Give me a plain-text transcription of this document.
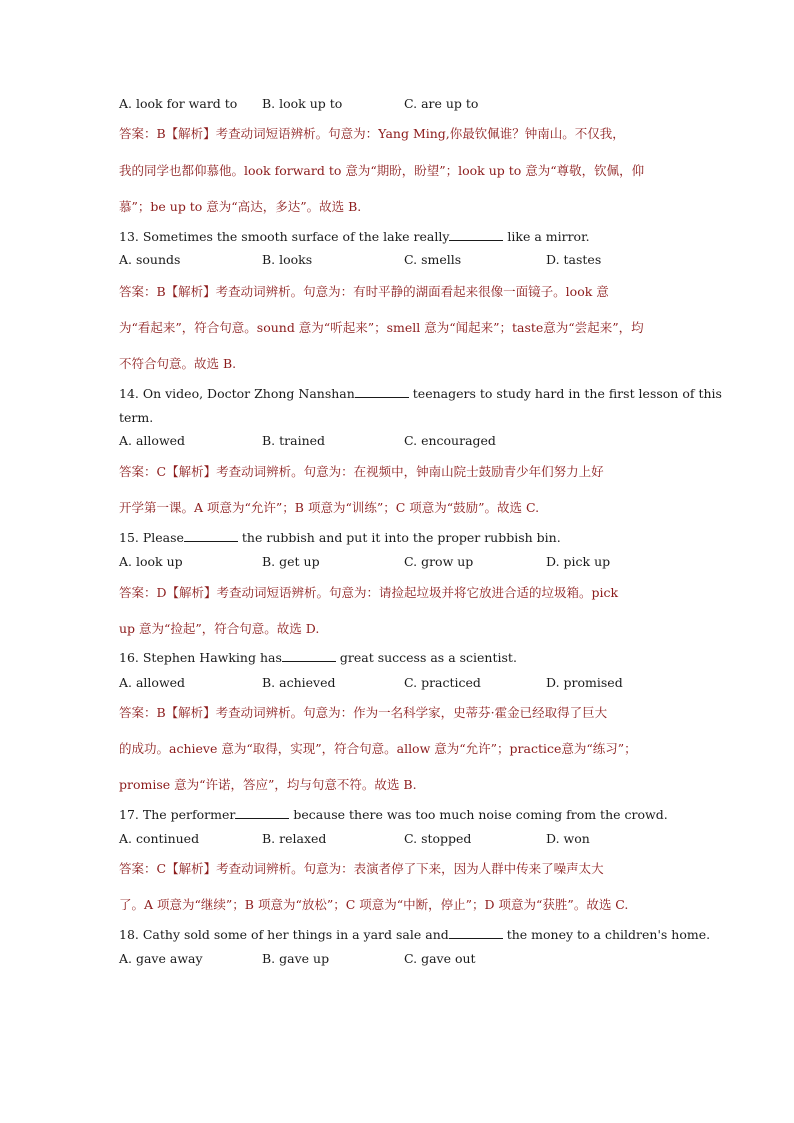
A. look for ward to B. look up to	C. are up to
答案：B【解析】考查动词短语辨析。句意为：Yang Ming,你最钦佩谁？钟南山。不仅我，
我的同学也都仰慕他。look forward to 意为“期盼，盼望”；look up to 意为“尊敬，钦佩，仰
慕”；be up to 意为“高达，多达”。故选 B.
13. Sometimes the smooth surface of the lake really	like a mirror.
A. sounds	B. looks	C. smells	D. tastes
答案：B【解析】考查动词辨析。句意为：有时平静的湖面看起来很像一面镜子。look 意
为“看起来”，符合句意。sound 意为“听起来”；smell 意为“闻起来”；taste意为“尝起来”，均
不符合句意。故选 B.
14. On video, Doctor Zhong Nanshan	teenagers to study hard in the first lesson of this
term.
A. allowed	B. trained	C. encouraged
答案：C【解析】考查动词辨析。句意为：在视频中，钟南山院士鼓励青少年们努力上好
开学第一课。A 项意为“允许”；B 项意为“训练”；C 项意为“鼓励”。故选 C.
15. Please	the rubbish and put it into the proper rubbish bin.
A. look up	B. get up	C. grow up	D. pick up
答案：D【解析】考查动词短语辨析。句意为：请捡起垃圾并将它放进合适的垃圾箱。pick
up 意为“捡起”，符合句意。故选 D.
16. Stephen Hawking has	great success as a scientist.
A. allowed	B. achieved	C. practiced	D. promised
答案：B【解析】考查动词辨析。句意为：作为一名科学家，史蒂芬·霍金已经取得了巨大
的成功。achieve 意为“取得，实现”，符合句意。allow 意为“允许”；practice意为“练习”；
promise 意为“许诺，答应”，均与句意不符。故选 B.
17. The performer	because there was too much noise coming from the crowd.
A. continued	B. relaxed	C. stopped	D. won
答案：C【解析】考查动词辨析。句意为：表演者停了下来，因为人群中传来了噪声太大
了。A 项意为“继续”；B 项意为“放松”；C 项意为“中断，停止”；D 项意为“获胜”。故选 C.
18. Cathy sold some of her things in a yard sale and	the money to a children's home.
A. gave away	B. gave up	C. gave out
